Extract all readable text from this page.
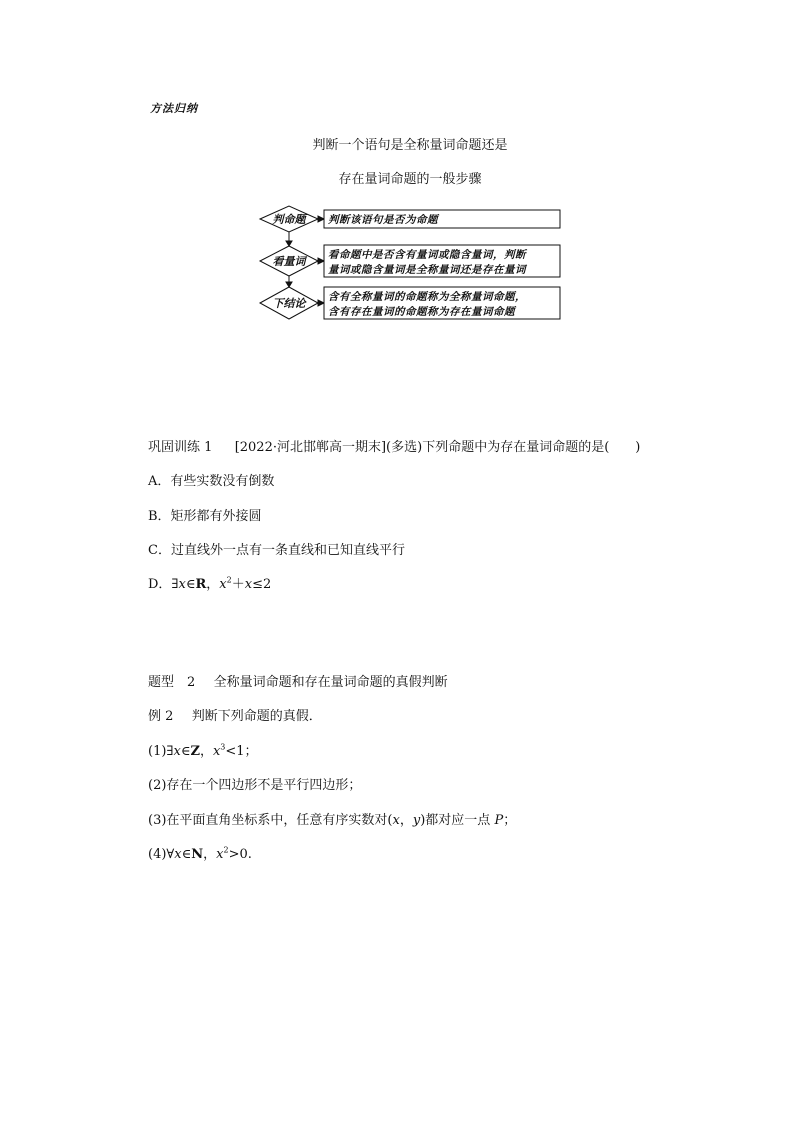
方法归纳
判断一个语句是全称量词命题还是
存在量词命题的一般步骤
判命题
看量词
下结论
判断该语句是否为命题
看命题中是否含有量词或隐含量词，判断
量词或隐含量词是全称量词还是存在量词
含有全称量词的命题称为全称量词命题，
含有存在量词的命题称为存在量词命题
巩固训练 1 [2022·河北邯郸高一期末](多选)下列命题中为存在量词命题的是(　　)
A．有些实数没有倒数
B．矩形都有外接圆
C．过直线外一点有一条直线和已知直线平行
D．∃x∈R，$x^2+x\le 2$
题型　2 全称量词命题和存在量词命题的真假判断
例 2 判断下列命题的真假．
(1)∃x∈Z，$x^3<1$；
(2)存在一个四边形不是平行四边形；
(3)在平面直角坐标系中，任意有序实数对(x，y)都对应一点 P；
(4)∀x∈N，$x^2>0$.
